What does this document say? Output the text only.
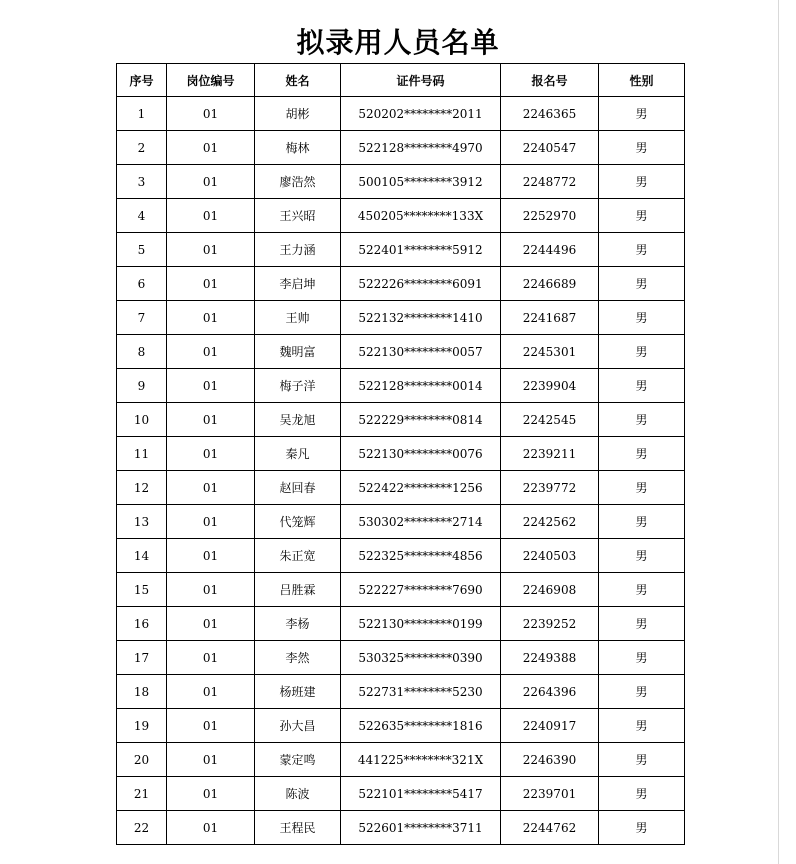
拟录用人员名单
序号	岗位编号	姓名	证件号码	报名号	性别
1	01	胡彬	520202********2011	2246365	男
2	01	梅林	522128********4970	2240547	男
3	01	廖浩然	500105********3912	2248772	男
4	01	王兴昭	450205********133X	2252970	男
5	01	王力涵	522401********5912	2244496	男
6	01	李启坤	522226********6091	2246689	男
7	01	王帅	522132********1410	2241687	男
8	01	魏明富	522130********0057	2245301	男
9	01	梅子洋	522128********0014	2239904	男
10	01	吴龙旭	522229********0814	2242545	男
11	01	秦凡	522130********0076	2239211	男
12	01	赵回春	522422********1256	2239772	男
13	01	代笼辉	530302********2714	2242562	男
14	01	朱正宽	522325********4856	2240503	男
15	01	吕胜霖	522227********7690	2246908	男
16	01	李杨	522130********0199	2239252	男
17	01	李然	530325********0390	2249388	男
18	01	杨班建	522731********5230	2264396	男
19	01	孙大昌	522635********1816	2240917	男
20	01	蒙定鸣	441225********321X	2246390	男
21	01	陈波	522101********5417	2239701	男
22	01	王程民	522601********3711	2244762	男
